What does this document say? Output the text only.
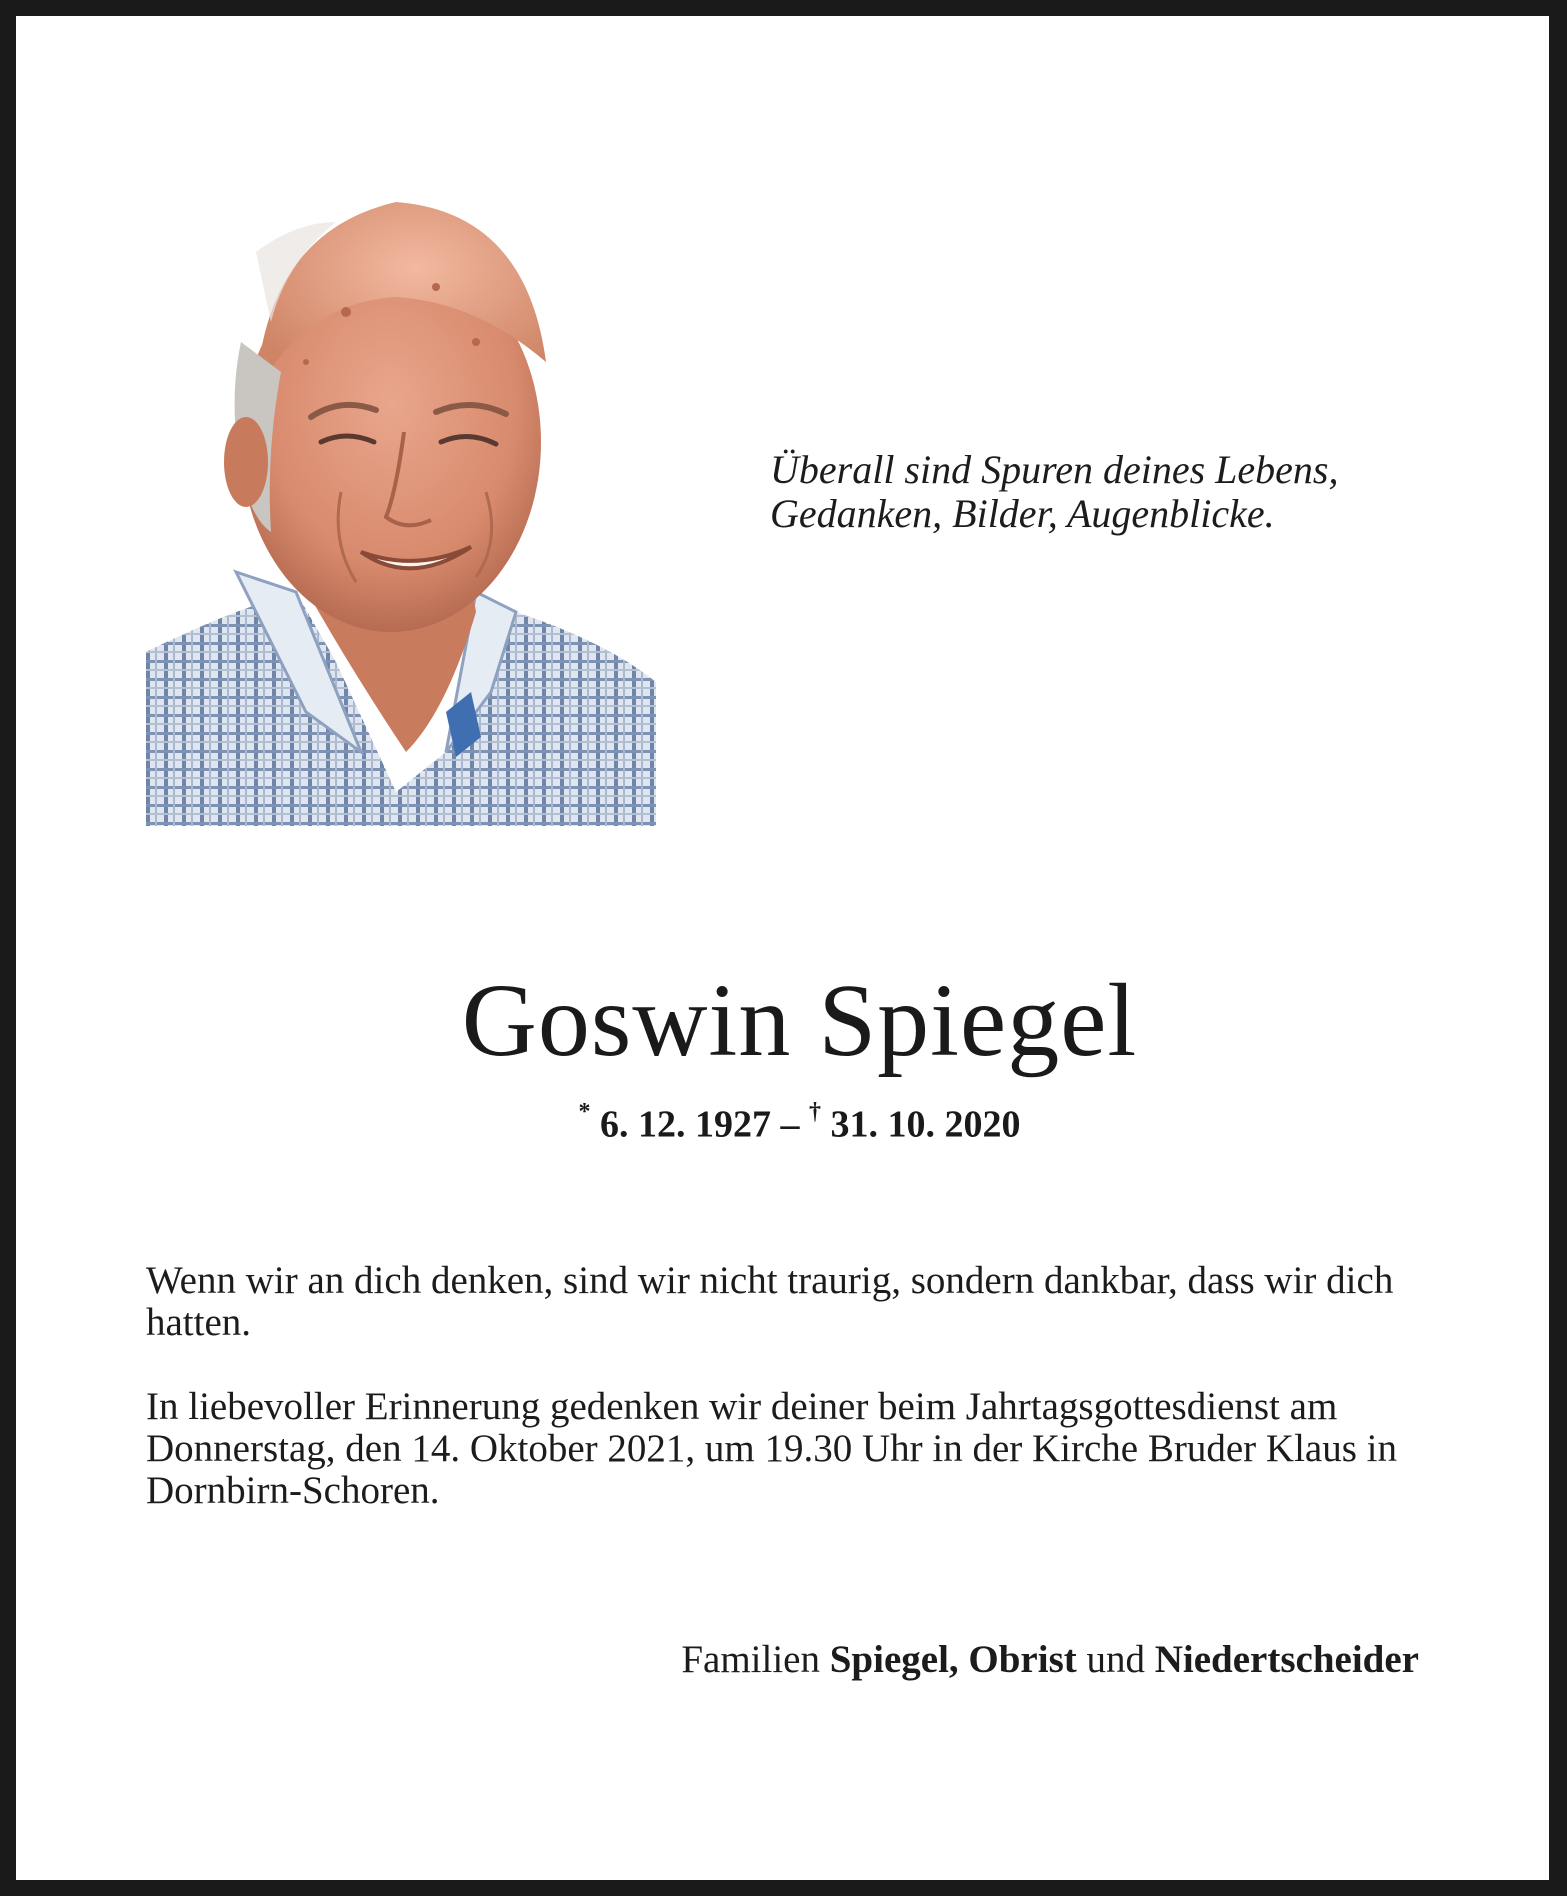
Überall sind Spuren deines Lebens,
Gedanken, Bilder, Augenblicke.
Goswin Spiegel
* 6. 12. 1927 – † 31. 10. 2020
Wenn wir an dich denken, sind wir nicht traurig, sondern dankbar, dass wir dich hatten.
In liebevoller Erinnerung gedenken wir deiner beim Jahrtagsgottesdienst am Donnerstag, den 14. Oktober 2021, um 19.30 Uhr in der Kirche Bruder Klaus in Dornbirn-Schoren.
Familien Spiegel, Obrist und Niedertscheider
